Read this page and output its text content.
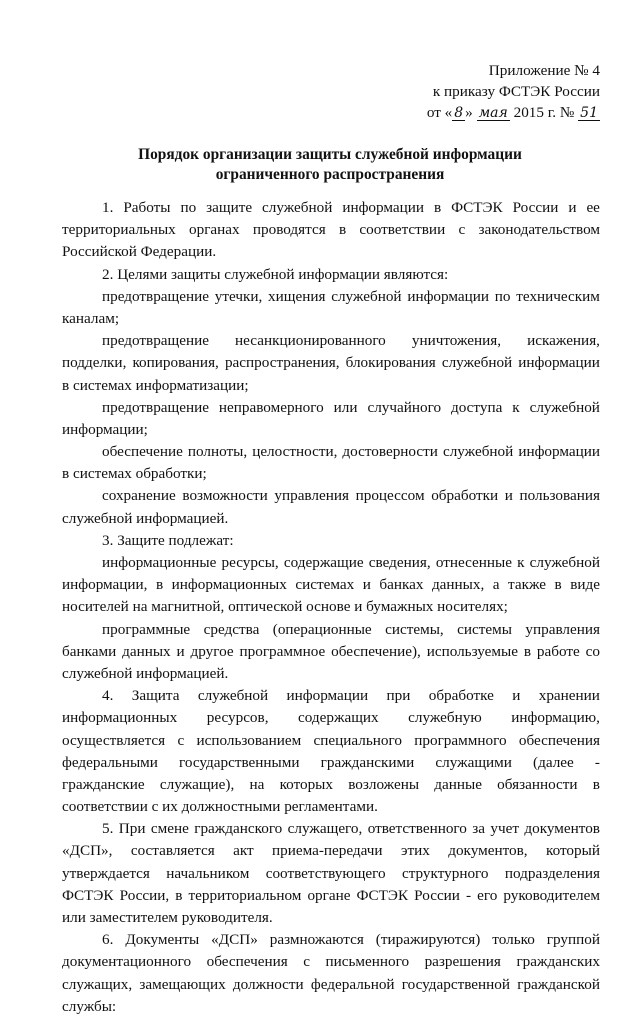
Приложение № 4
к приказу ФСТЭК России
от « 8 » мая 2015 г. № 51
Порядок организации защиты служебной информации
ограниченного распространения
1. Работы по защите служебной информации в ФСТЭК России и ее
территориальных органах проводятся в соответствии с законодательством
Российской Федерации.
2. Целями защиты служебной информации являются:
предотвращение утечки, хищения служебной информации по техническим
каналам;
предотвращение несанкционированного уничтожения, искажения,
подделки, копирования, распространения, блокирования служебной информации
в системах информатизации;
предотвращение неправомерного или случайного доступа к служебной
информации;
обеспечение полноты, целостности, достоверности служебной информации
в системах обработки;
сохранение возможности управления процессом обработки и пользования
служебной информацией.
3. Защите подлежат:
информационные ресурсы, содержащие сведения, отнесенные к служебной
информации, в информационных системах и банках данных, а также в виде
носителей на магнитной, оптической основе и бумажных носителях;
программные средства (операционные системы, системы управления
банками данных и другое программное обеспечение), используемые в работе со
служебной информацией.
4. Защита служебной информации при обработке и хранении
информационных ресурсов, содержащих служебную информацию,
осуществляется с использованием специального программного обеспечения
федеральными государственными гражданскими служащими (далее -
гражданские служащие), на которых возложены данные обязанности в
соответствии с их должностными регламентами.
5. При смене гражданского служащего, ответственного за учет документов
«ДСП», составляется акт приема-передачи этих документов, который
утверждается начальником соответствующего структурного подразделения
ФСТЭК России, в территориальном органе ФСТЭК России - его руководителем
или заместителем руководителя.
6. Документы «ДСП» размножаются (тиражируются) только группой
документационного обеспечения с письменного разрешения гражданских
служащих, замещающих должности федеральной государственной гражданской
службы:
